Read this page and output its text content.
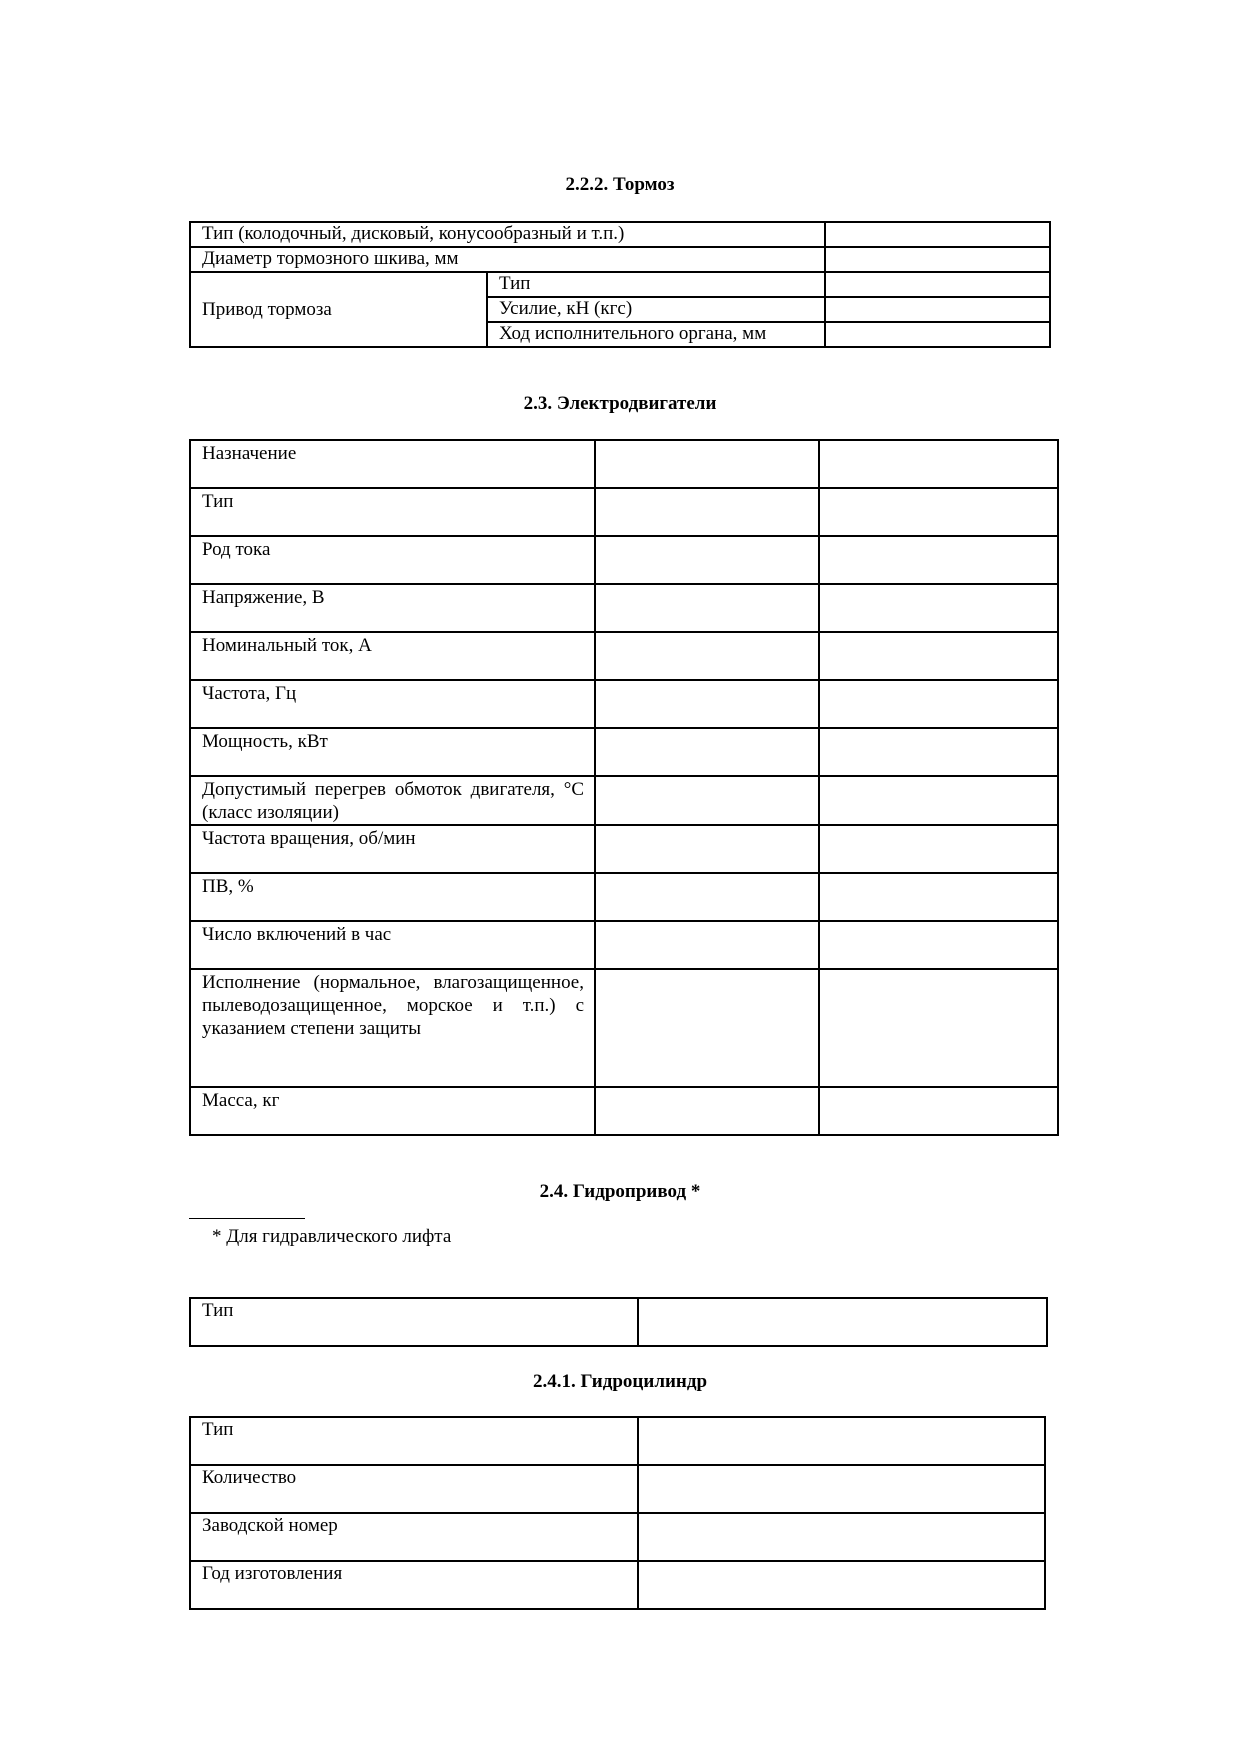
2.2.2. Тормоз
Тип (колодочный, дисковый, конусообразный и т.п.)		
Диаметр тормозного шкива, мм		
Привод тормоза	Тип	
	Усилие, кН (кгс)	
	Ход исполнительного органа, мм	
2.3. Электродвигатели
Назначение		
Тип		
Род тока		
Напряжение, В		
Номинальный ток, А		
Частота, Гц		
Мощность, кВт		
Допустимый перегрев обмоток двигателя, °С (класс изоляции)		
Частота вращения, об/мин		
ПВ, %		
Число включений в час		
Исполнение (нормальное, влагозащищенное, пылеводозащищенное, морское и т.п.) с указанием степени защиты		
Масса, кг		
2.4. Гидропривод *
* Для гидравлического лифта
Тип	
2.4.1. Гидроцилиндр
Тип	
Количество	
Заводской номер	
Год изготовления	
